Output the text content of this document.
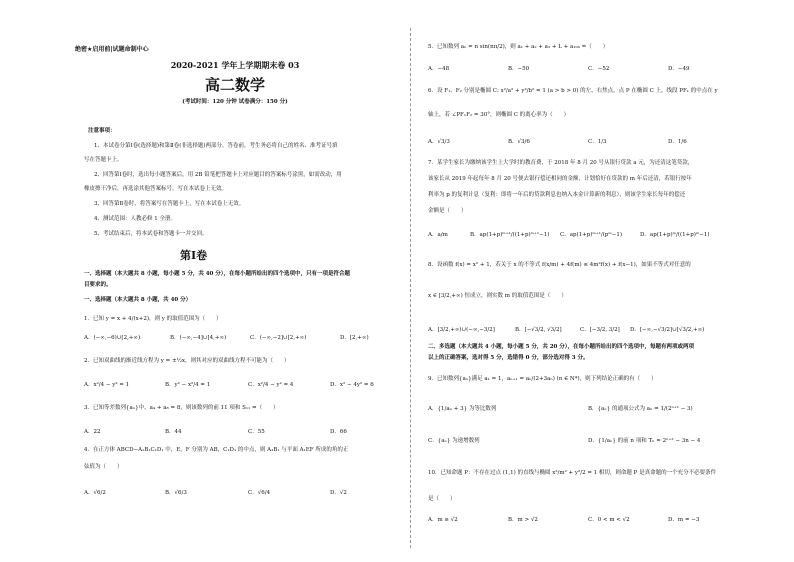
绝密★启用前|试题命制中心
2020-2021 学年上学期期末卷 03
高二数学
(考试时间：120 分钟 试卷满分：150 分)
注意事项：
1、本试卷分第Ⅰ卷(选择题)和第Ⅱ卷(非选择题)两部分。答卷前，考生务必将自己的姓名、准考证号填
写在答题卡上。
2、回答第Ⅰ卷时，选出每小题答案后，用 2B 铅笔把答题卡上对应题目的答案标号涂黑，如需改动，用
橡皮擦干净后，再选涂其他答案标号。写在本试卷上无效。
3、回答第Ⅱ卷时，将答案写在答题卡上，写在本试卷上无效。
4、测试范围：人教必修 1 全册。
5、考试结束后，将本试卷和答题卡一并交回。
第Ⅰ卷
一、选择题（本大题共 8 小题，每小题 5 分，共 40 分），在每小题所给出的四个选项中，只有一项是符合题
目要求的。
一、选择题（本大题共 8 小题，共 40 分）
1．已知 y = x + 4/(x+2)，则 y 的取值范围为（　　）
A．(−∞,−6)∪[2,+∞)	B．(−∞,−4]∪[4,+∞)	C．(−∞,−2]∪[2,+∞)	D．[2,+∞)
2．已知双曲线的渐近线方程为 y = ±½x，则其对应的双曲线方程不可能为（　　）
A．x²/4 − y² = 1	B．y² − x²/4 = 1	C．x²/4 − y² = 4	D．x² − 4y² = 6
3．已知等差数列{aₙ}中，a₄ + a₈ = 8，则该数列的前 11 项和 S₁₁ =（　　）
A．22	B．44	C．55	D．66
4．在正方体 ABCD−A₁B₁C₁D₁ 中，E，F 分别为 AB，C₁D₁ 的中点，则 A₁B₁ 与平面 A₁EF 所成的角的正
弦值为（　　）
A．√6/2	B．√6/3	C．√6/4	D．√2
5．已知数列 aₙ = n sin(nπ/2)，则 a₁ + a₂ + a₃ + L + a₁₀₀ =（　　）
A．−48	B．−50	C．−52	D．−49
6．设 F₁、F₂ 分别是椭圆 C: x²/a² + y²/b² = 1 (a > b > 0) 的左、右焦点，点 P 在椭圆 C 上，线段 PF₁ 的中点在 y
轴上，若 ∠PF₁F₂ = 30°，则椭圆 C 的离心率为（　　）
A．√3/3	B．√3/6	C．1/3	D．1/6
7．某学生家长为缴纳该学生上大学时的教育费，于 2018 年 8 月 20 号从银行贷款 a 元，为还清这笔贷款，
该家长从 2019 年起每年 8 月 20 号便去银行偿还相同的金额，计划恰好在贷款的 m 年后还清，若银行按年
利率为 p 的复利计息（复利：即将一年后的贷款利息也纳入本金计算新的利息），则该学生家长每年的偿还
金额是（　　）
A．a/m	B．ap(1+p)ᵐ⁺¹/((1+p)ᵐ⁺¹−1) C．ap(1+p)ᵐ⁺¹/(pᵐ−1)	D．ap(1+p)ᵐ/((1+p)ᵐ−1)
8．设函数 f(x) = x² + 1，若关于 x 的不等式 f(x/m) + 4f(m) ≤ 4m²f(x) + f(x−1)，如果不等式对任意的
x ∈ [3/2,+∞) 恒成立，则实数 m 的取值范围是（　　）
A．[3/2,+∞)∪(−∞,−3/2]	B．[−√3/2, √3/2]	C．[−3/2, 3/2] D．[−∞,−√3/2]∪[√3/2,+∞)
二、多选题（本大题共 4 小题，每小题 5 分，共 20 分），在每小题所给出的四个选项中，每题有两项或两项
以上的正确答案，选对得 5 分，选错得 0 分，部分选对得 3 分。
9．已知数列{aₙ}满足 a₁ = 1，aₙ₊₁ = aₙ/(2+3aₙ) (n ∈ N*)，则下列结论正确的有（　　）
A．{1/aₙ + 3} 为等比数列	B．{aₙ} 的通项公式为 aₙ = 1/(2ⁿ⁺¹ − 3)
C．{aₙ} 为递增数列	D．{1/aₙ} 的前 n 项和 Tₙ = 2ⁿ⁺² − 3n − 4
10．已知命题 P：不存在过点 (1,1) 的直线与椭圆 x²/m² + y²/2 = 1 相切，则命题 P 是真命题的一个充分不必要条件
是（　　）
A．m ≥ √2	B．m > √2	C．0 < m < √2	D．m = −3
